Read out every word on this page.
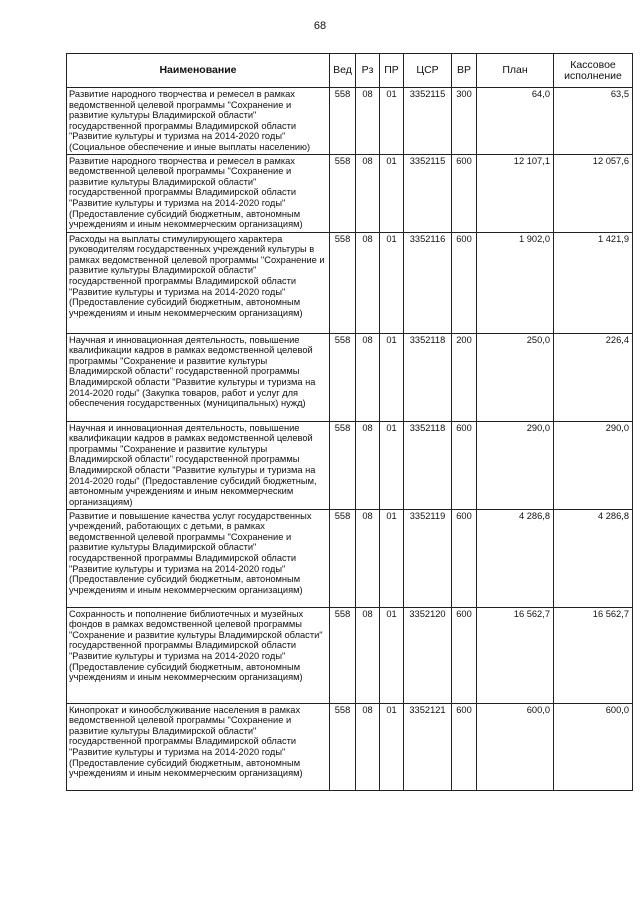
68
Наименование	Вед	Рз	ПР	ЦСР	ВР	План	Кассовое исполнение
Развитие народного творчества и ремесел в рамках ведомственной целевой программы "Сохранение и развитие культуры Владимирской области" государственной программы Владимирской области "Развитие культуры и туризма на 2014-2020 годы" (Социальное обеспечение и иные выплаты населению)	558	08	01	3352115	300	64,0	63,5
Развитие народного творчества и ремесел в рамках ведомственной целевой программы "Сохранение и развитие культуры Владимирской области" государственной программы Владимирской области "Развитие культуры и туризма на 2014-2020 годы" (Предоставление субсидий бюджетным, автономным учреждениям и иным некоммерческим организациям)	558	08	01	3352115	600	12 107,1	12 057,6
Расходы на выплаты стимулирующего характера руководителям государственных учреждений культуры в рамках ведомственной целевой программы "Сохранение и развитие культуры Владимирской области" государственной программы Владимирской области "Развитие культуры и туризма на 2014-2020 годы" (Предоставление субсидий бюджетным, автономным учреждениям и иным некоммерческим организациям)	558	08	01	3352116	600	1 902,0	1 421,9
Научная и инновационная деятельность, повышение квалификации кадров в рамках ведомственной целевой программы "Сохранение и развитие культуры Владимирской области" государственной программы Владимирской области "Развитие культуры и туризма на 2014-2020 годы" (Закупка товаров, работ и услуг для обеспечения государственных (муниципальных) нужд)	558	08	01	3352118	200	250,0	226,4
Научная и инновационная деятельность, повышение квалификации кадров в рамках ведомственной целевой программы "Сохранение и развитие культуры Владимирской области" государственной программы Владимирской области "Развитие культуры и туризма на 2014-2020 годы" (Предоставление субсидий бюджетным, автономным учреждениям и иным некоммерческим организациям)	558	08	01	3352118	600	290,0	290,0
Развитие и повышение качества услуг государственных учреждений, работающих с детьми, в рамках ведомственной целевой программы "Сохранение и развитие культуры Владимирской области" государственной программы Владимирской области "Развитие культуры и туризма на 2014-2020 годы" (Предоставление субсидий бюджетным, автономным учреждениям и иным некоммерческим организациям)	558	08	01	3352119	600	4 286,8	4 286,8
Сохранность и пополнение библиотечных и музейных фондов в рамках ведомственной целевой программы "Сохранение и развитие культуры Владимирской области" государственной программы Владимирской области "Развитие культуры и туризма на 2014-2020 годы" (Предоставление субсидий бюджетным, автономным учреждениям и иным некоммерческим организациям)	558	08	01	3352120	600	16 562,7	16 562,7
Кинопрокат и кинообслуживание населения в рамках ведомственной целевой программы "Сохранение и развитие культуры Владимирской области" государственной программы Владимирской области "Развитие культуры и туризма на 2014-2020 годы" (Предоставление субсидий бюджетным, автономным учреждениям и иным некоммерческим организациям)	558	08	01	3352121	600	600,0	600,0
